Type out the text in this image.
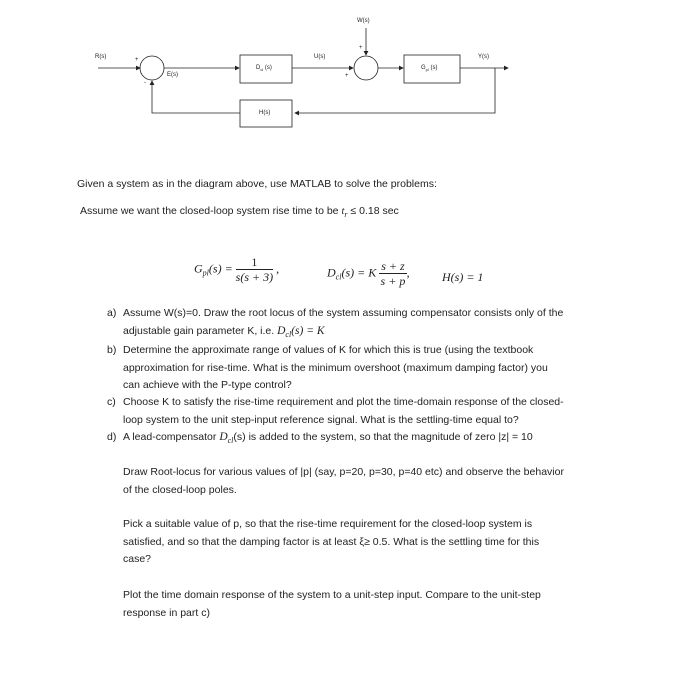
R(s)
E(s)
U(s)
W(s)
Y(s)
+
-
+
+
$D_{cl}$ (s)	$G_{pl}$ (s)
H(s)
Given a system as in the diagram above, use MATLAB to solve the problems:
Assume we want the closed-loop system rise time to be $t_r \le 0.18$ sec
$G_{pl}(s) = \frac{1}{s(s + 3)}$ ,	$D_{cl}(s) = K \frac{s + z}{s + p}$ ,	H(s) = 1
a) Assume W(s)=0. Draw the root locus of the system assuming compensator consists only of the
adjustable gain parameter K, i.e. $D_{cl}(s) = K$
b) Determine the approximate range of values of K for which this is true (using the textbook
approximation for rise-time. What is the minimum overshoot (maximum damping factor) you
can achieve with the P-type control?
c) Choose K to satisfy the rise-time requirement and plot the time-domain response of the closed-
loop system to the unit step-input reference signal. What is the settling-time equal to?
d) A lead-compensator $D_{cl}(s)$ is added to the system, so that the magnitude of zero |z| = 10
Draw Root-locus for various values of |p| (say, p=20, p=30, p=40 etc) and observe the behavior
of the closed-loop poles.
Pick a suitable value of p, so that the rise-time requirement for the closed-loop system is
satisfied, and so that the damping factor is at least ξ≥ 0.5. What is the settling time for this
case?
Plot the time domain response of the system to a unit-step input. Compare to the unit-step
response in part c)
